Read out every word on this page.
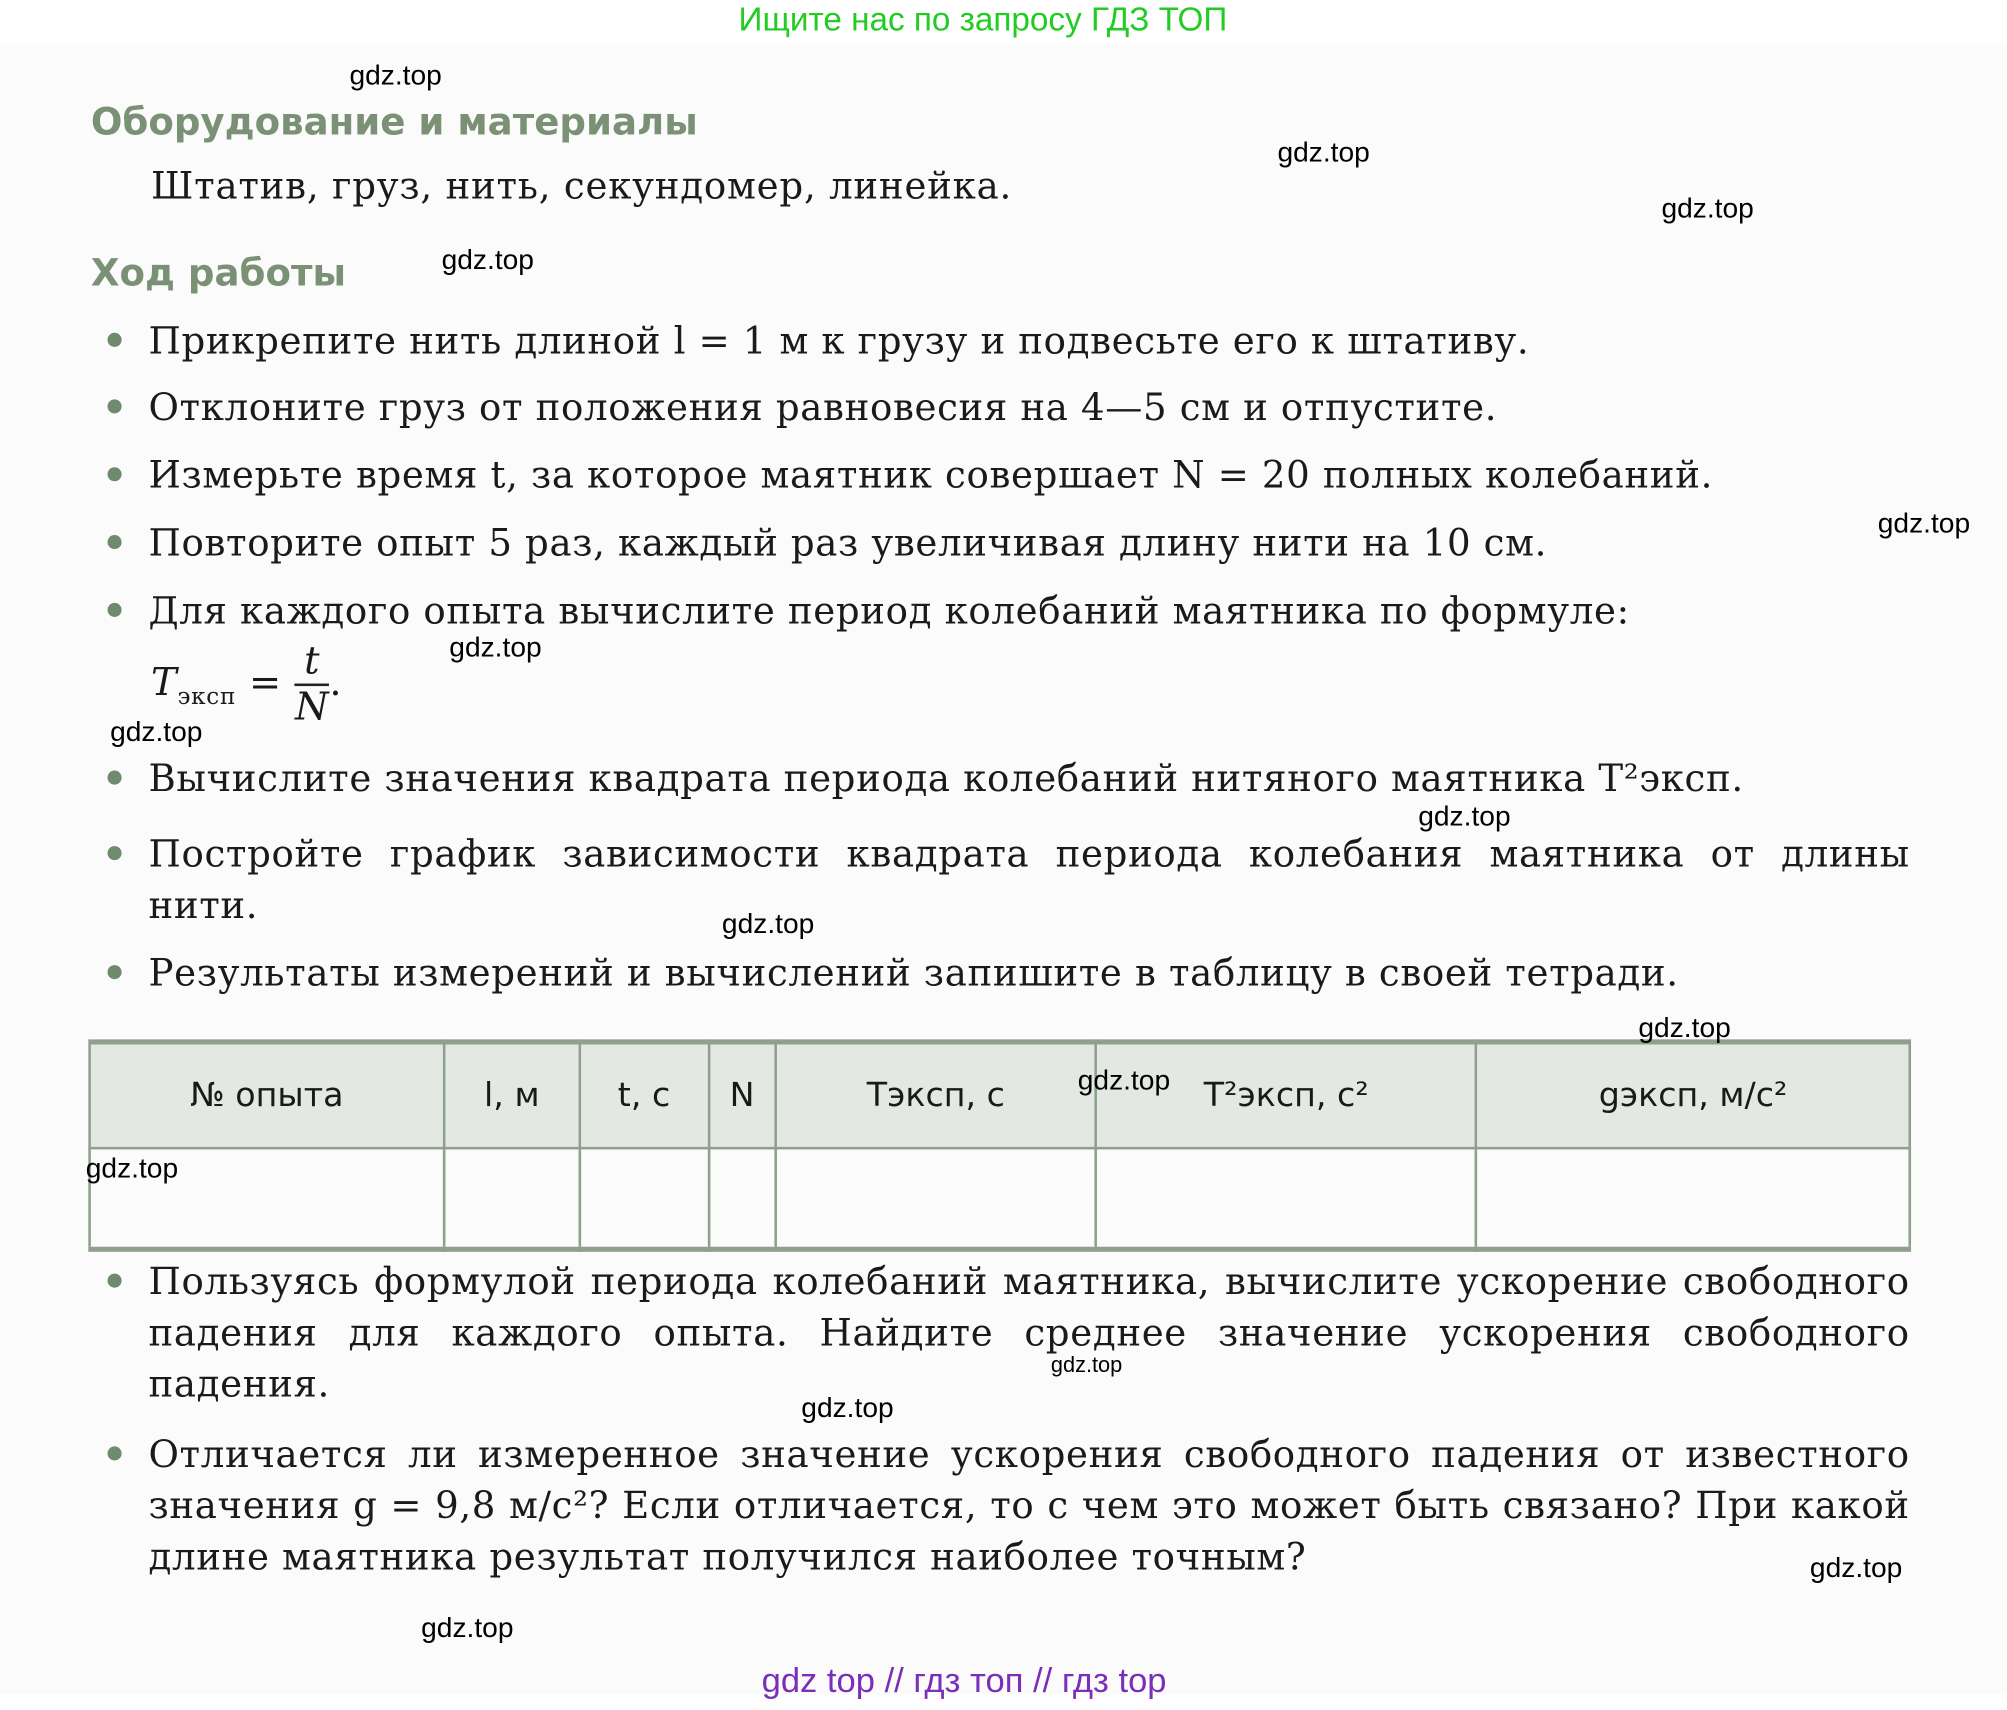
Ищите нас по запросу ГДЗ ТОП
Оборудование и материалы
Штатив, груз, нить, секундомер, линейка.
Ход работы
Прикрепите нить длиной l = 1 м к грузу и подвесьте его к штативу.
Отклоните груз от положения равновесия на 4—5 см и отпустите.
Измерьте время t, за которое маятник совершает N = 20 полных колебаний.
Повторите опыт 5 раз, каждый раз увеличивая длину нити на 10 см.
Для каждого опыта вычислите период колебаний маятника по формуле:
$T_{эксп} = \frac{t}{N}$ .
Вычислите значения квадрата периода колебаний нитяного маятника T²эксп.
Постройте график зависимости квадрата периода колебания маятника от длины нити.
Результаты измерений и вычислений запишите в таблицу в своей тетради.
№ опыта	l, м	t, с	N	Tэксп, с	T²эксп, с²	gэксп, м/с²

Пользуясь формулой периода колебаний маятника, вычислите ускорение свободного падения для каждого опыта. Найдите среднее значение ускорения свободного падения.
Отличается ли измеренное значение ускорения свободного падения от известного значения g = 9,8 м/с²? Если отличается, то с чем это может быть связано? При какой длине маятника результат получился наиболее точным?
gdz.top
gdz.top
gdz.top
gdz.top
gdz.top
gdz.top
gdz.top
gdz.top
gdz.top
gdz.top
gdz.top
gdz.top
gdz.top
gdz.top
gdz.top
gdz.top
gdz top // гдз топ // гдз top
